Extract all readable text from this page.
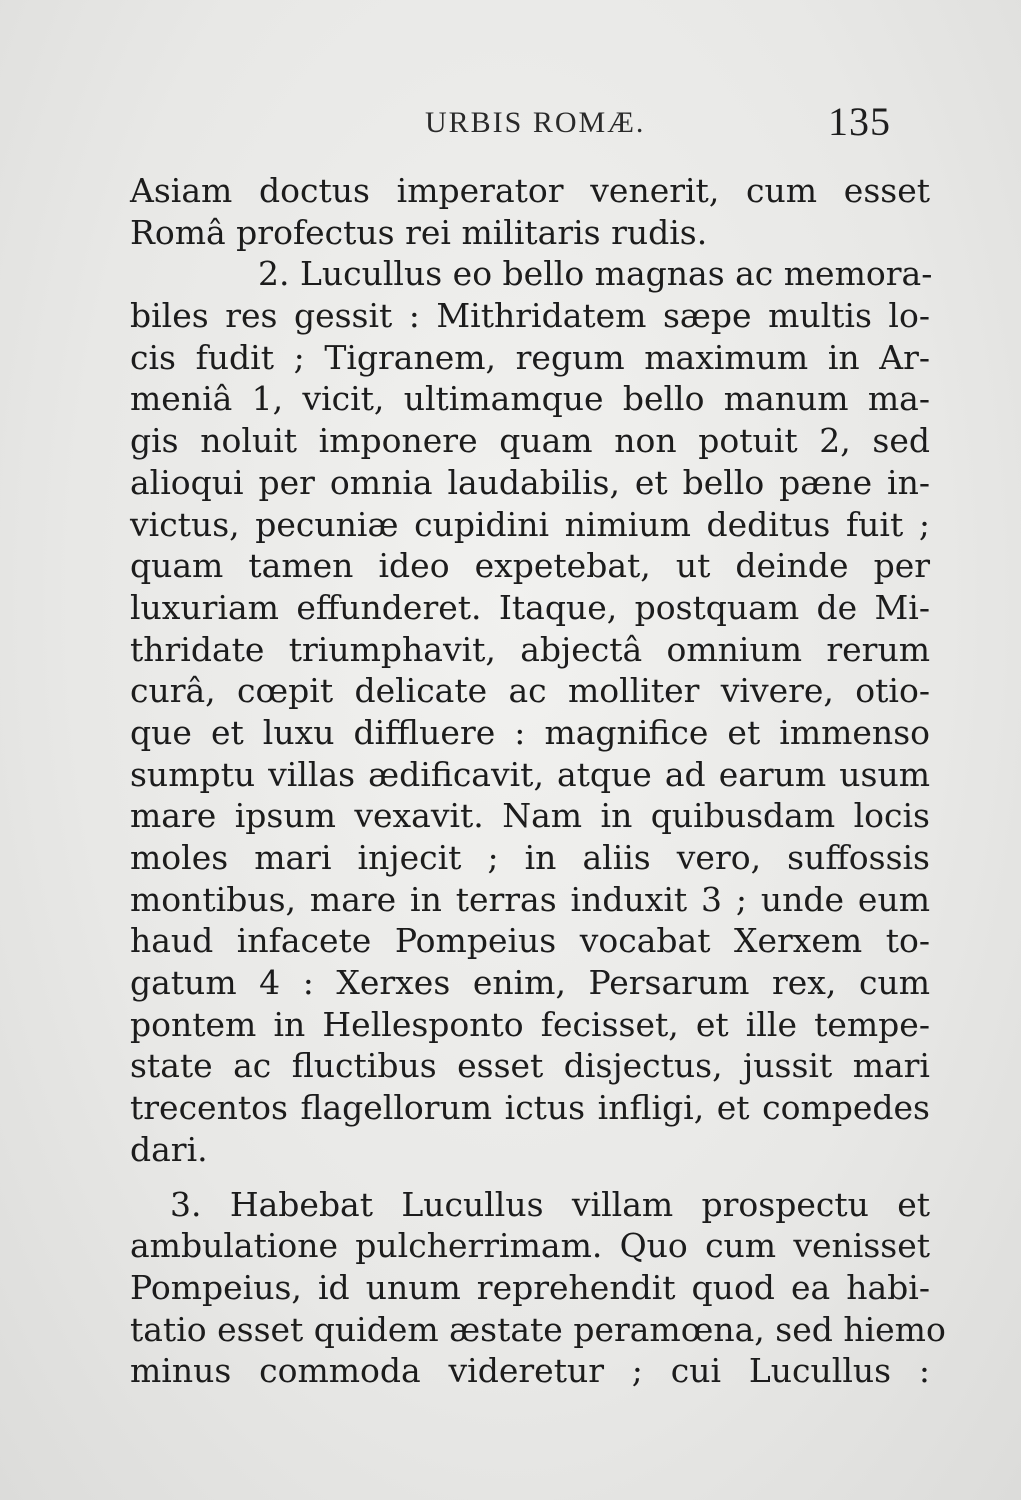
URBIS ROMÆ.	135
Asiam doctus imperator venerit, cum esset
Româ profectus rei militaris rudis.
2. Lucullus eo bello magnas ac memora-
biles res gessit : Mithridatem sæpe multis lo-
cis fudit ; Tigranem, regum maximum in Ar-
meniâ 1, vicit, ultimamque bello manum ma-
gis noluit imponere quam non potuit 2, sed
alioqui per omnia laudabilis, et bello pæne in-
victus, pecuniæ cupidini nimium deditus fuit ;
quam tamen ideo expetebat, ut deinde per
luxuriam effunderet. Itaque, postquam de Mi-
thridate triumphavit, abjectâ omnium rerum
curâ, cœpit delicate ac molliter vivere, otio-
que et luxu diffluere : magnifice et immenso
sumptu villas ædificavit, atque ad earum usum
mare ipsum vexavit. Nam in quibusdam locis
moles mari injecit ; in aliis vero, suffossis
montibus, mare in terras induxit 3 ; unde eum
haud infacete Pompeius vocabat Xerxem to-
gatum 4 : Xerxes enim, Persarum rex, cum
pontem in Hellesponto fecisset, et ille tempe-
state ac fluctibus esset disjectus, jussit mari
trecentos flagellorum ictus infligi, et compedes
dari.
3. Habebat Lucullus villam prospectu et
ambulatione pulcherrimam. Quo cum venisset
Pompeius, id unum reprehendit quod ea habi-
tatio esset quidem æstate peramœna, sed hiemo
minus commoda videretur ; cui Lucullus :
